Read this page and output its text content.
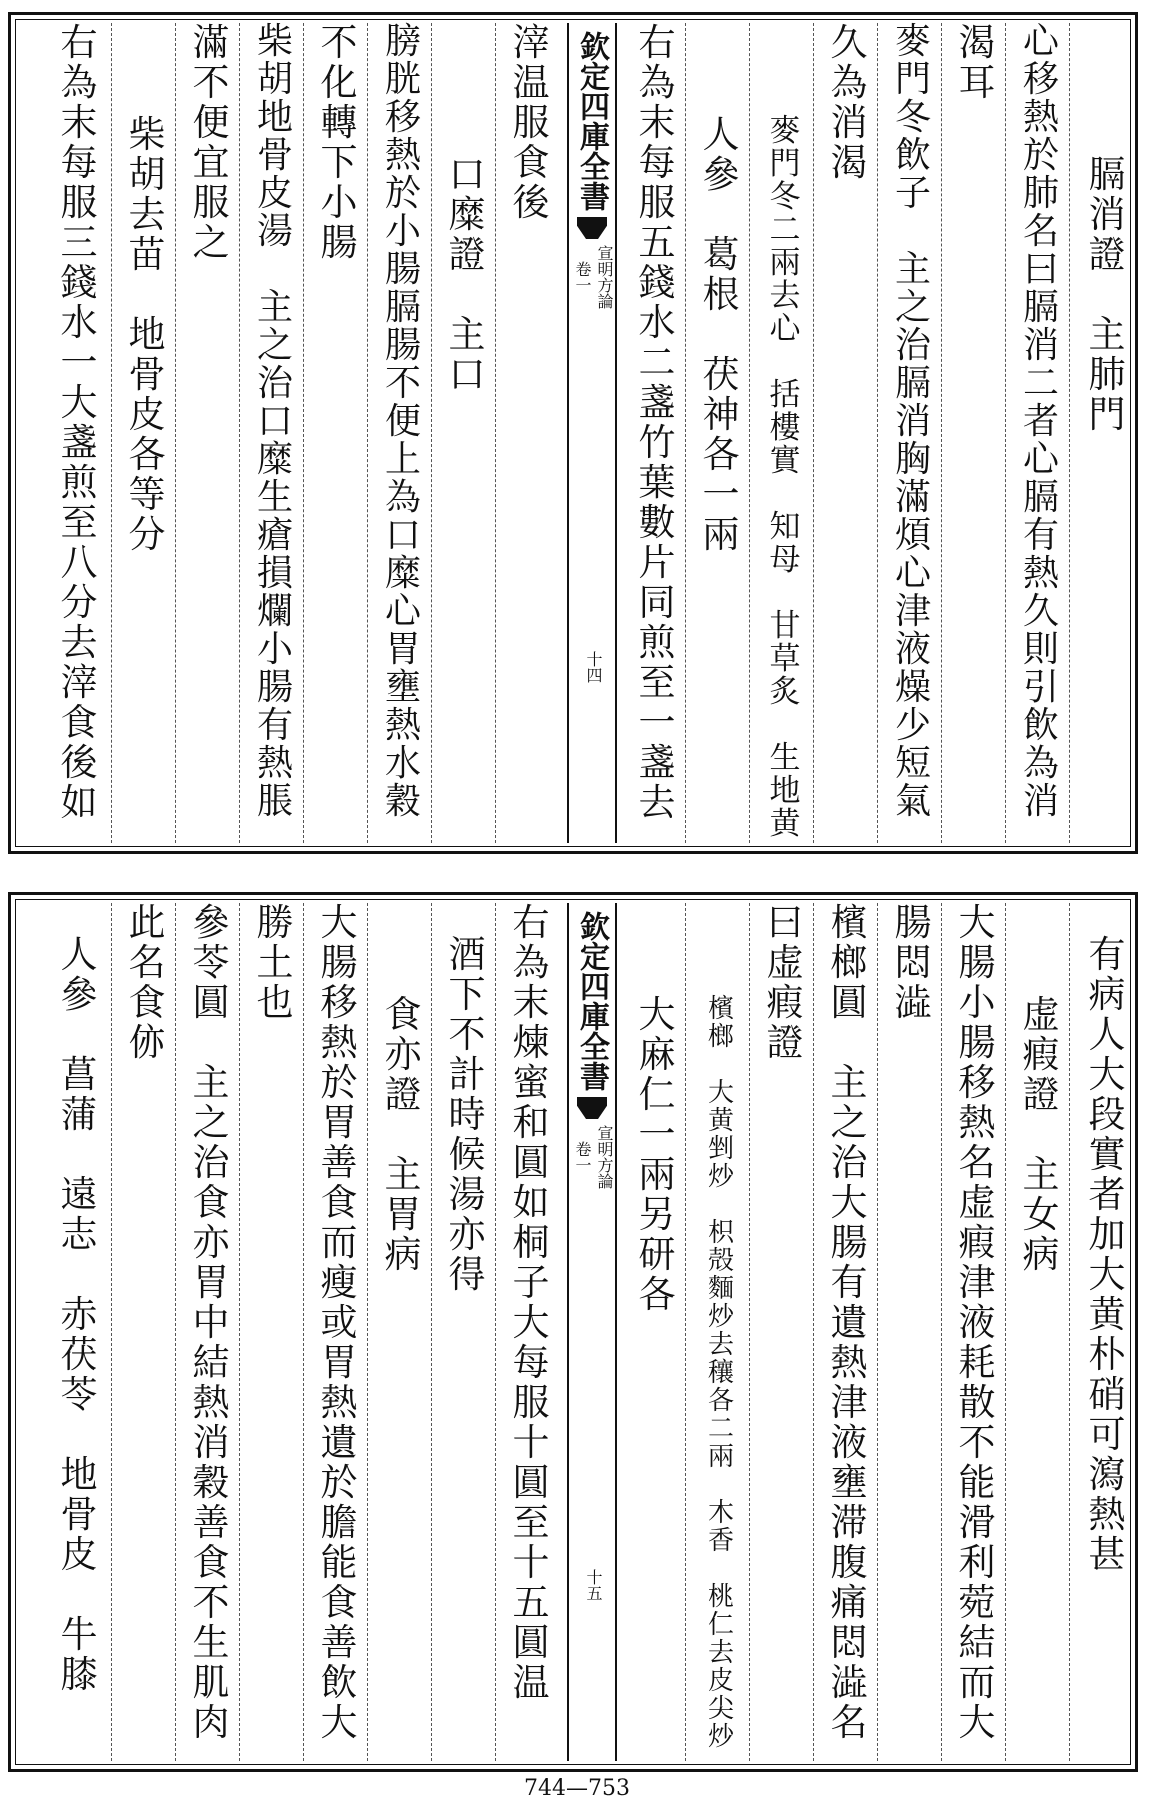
膈
消
證
主
肺
門
心
移
熱
於
肺
名
曰
膈
消
二
者
心
膈
有
熱
久
則
引
飲
為
消
渴
耳
麥
門
冬
飲
子
主
之
治
膈
消
胸
滿
煩
心
津
液
燥
少
短
氣
久
為
消
渴
麥
門
冬
二
兩
去
心
括
樓
實
知
母
甘
草
炙
生
地
黄
人
參
葛
根
茯
神
各
一
兩
右
為
末
每
服
五
錢
水
二
盞
竹
葉
數
片
同
煎
至
一
盞
去
欽定四庫全書
宣明方論
卷一
十四
滓
温
服
食
後
口
糜
證
主
口
膀
胱
移
熱
於
小
腸
膈
腸
不
便
上
為
口
糜
心
胃
壅
熱
水
穀
不
化
轉
下
小
腸
柴
胡
地
骨
皮
湯
主
之
治
口
糜
生
瘡
損
爛
小
腸
有
熱
脹
滿
不
便
宜
服
之
柴
胡
去
苗
地
骨
皮
各
等
分
右
為
末
每
服
三
錢
水
一
大
盞
煎
至
八
分
去
滓
食
後
如
有
病
人
大
段
實
者
加
大
黄
朴
硝
可
瀉
熱
甚
虚
瘕
證
主
女
病
大
腸
小
腸
移
熱
名
虚
瘕
津
液
耗
散
不
能
滑
利
菀
結
而
大
腸
悶
澁
檳
榔
圓
主
之
治
大
腸
有
遺
熱
津
液
壅
滞
腹
痛
悶
澁
名
曰
虚
瘕
證
檳
榔
大
黄
剉
炒
枳
殻
麵
炒
去
穰
各
二
兩
木
香
桃
仁
去
皮
尖
炒
大
麻
仁
一
兩
另
研
各
欽定四庫全書
宣明方論
卷一
十五
右
為
末
煉
蜜
和
圓
如
桐
子
大
每
服
十
圓
至
十
五
圓
温
酒
下
不
計
時
候
湯
亦
得
食
亦
證
主
胃
病
大
腸
移
熱
於
胃
善
食
而
瘦
或
胃
熱
遺
於
膽
能
食
善
飲
大
勝
土
也
參
苓
圓
主
之
治
食
亦
胃
中
結
熱
消
穀
善
食
不
生
肌
肉
此
名
食
㑊
人
參
菖
蒲
遠
志
赤
茯
苓
地
骨
皮
牛
膝
744—753
